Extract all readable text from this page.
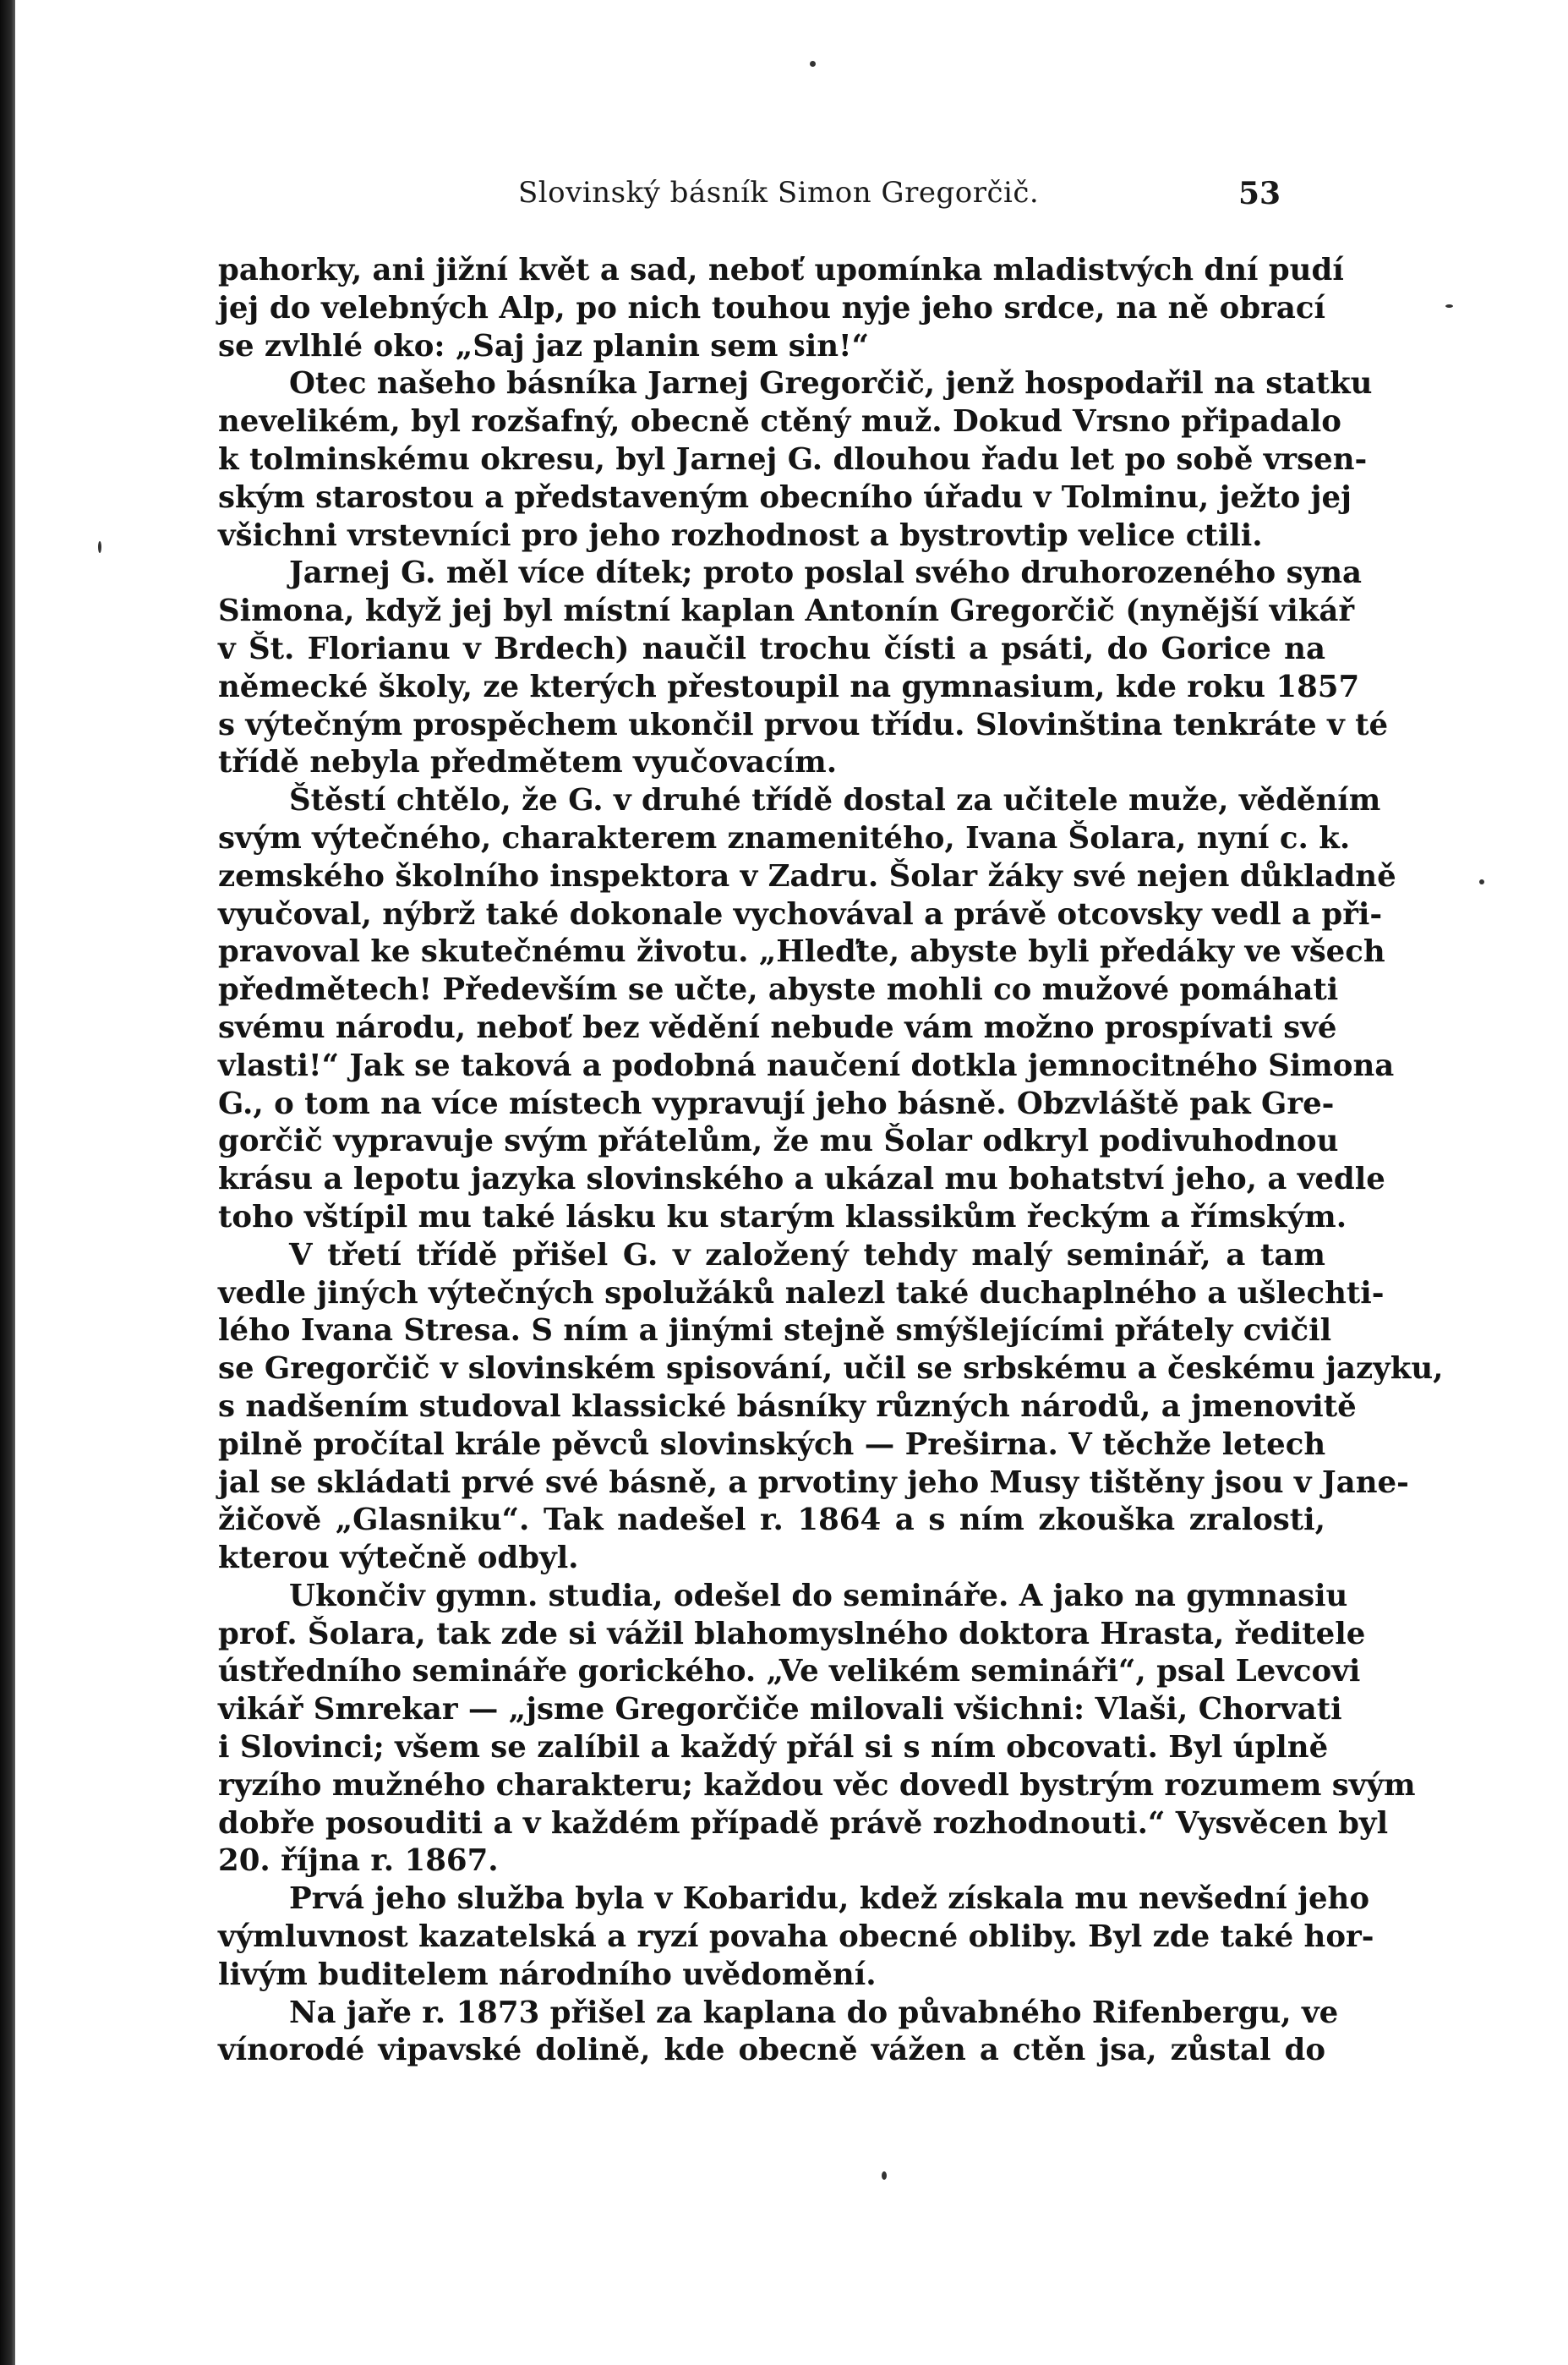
Slovinský básník Simon Gregorčič.	53
pahorky, ani jižní květ a sad, neboť upomínka mladistvých dní pudí
jej do velebných Alp, po nich touhou nyje jeho srdce, na ně obrací
se zvlhlé oko: „Saj jaz planin sem sin!“
Otec našeho básníka Jarnej Gregorčič, jenž hospodařil na statku
nevelikém, byl rozšafný, obecně ctěný muž. Dokud Vrsno připadalo
k tolminskému okresu, byl Jarnej G. dlouhou řadu let po sobě vrsen-
ským starostou a představeným obecního úřadu v Tolminu, ježto jej
všichni vrstevníci pro jeho rozhodnost a bystrovtip velice ctili.
Jarnej G. měl více dítek; proto poslal svého druhorozeného syna
Simona, když jej byl místní kaplan Antonín Gregorčič (nynější vikář
v Št. Florianu v Brdech) naučil trochu čísti a psáti, do Gorice na
německé školy, ze kterých přestoupil na gymnasium, kde roku 1857
s výtečným prospěchem ukončil prvou třídu. Slovinština tenkráte v té
třídě nebyla předmětem vyučovacím.
Štěstí chtělo, že G. v druhé třídě dostal za učitele muže, věděním
svým výtečného, charakterem znamenitého, Ivana Šolara, nyní c. k.
zemského školního inspektora v Zadru. Šolar žáky své nejen důkladně
vyučoval, nýbrž také dokonale vychovával a právě otcovsky vedl a při-
pravoval ke skutečnému životu. „Hleďte, abyste byli předáky ve všech
předmětech! Především se učte, abyste mohli co mužové pomáhati
svému národu, neboť bez vědění nebude vám možno prospívati své
vlasti!“ Jak se taková a podobná naučení dotkla jemnocitného Simona
G., o tom na více místech vypravují jeho básně. Obzvláště pak Gre-
gorčič vypravuje svým přátelům, že mu Šolar odkryl podivuhodnou
krásu a lepotu jazyka slovinského a ukázal mu bohatství jeho, a vedle
toho vštípil mu také lásku ku starým klassikům řeckým a římským.
V třetí třídě přišel G. v založený tehdy malý seminář, a tam
vedle jiných výtečných spolužáků nalezl také duchaplného a ušlechti-
lého Ivana Stresa. S ním a jinými stejně smýšlejícími přátely cvičil
se Gregorčič v slovinském spisování, učil se srbskému a českému jazyku,
s nadšením studoval klassické básníky různých národů, a jmenovitě
pilně pročítal krále pěvců slovinských — Preširna. V těchže letech
jal se skládati prvé své básně, a prvotiny jeho Musy tištěny jsou v Jane-
žičově „Glasniku“. Tak nadešel r. 1864 a s ním zkouška zralosti,
kterou výtečně odbyl.
Ukončiv gymn. studia, odešel do semináře. A jako na gymnasiu
prof. Šolara, tak zde si vážil blahomyslného doktora Hrasta, ředitele
ústředního semináře gorického. „Ve velikém semináři“, psal Levcovi
vikář Smrekar — „jsme Gregorčiče milovali všichni: Vlaši, Chorvati
i Slovinci; všem se zalíbil a každý přál si s ním obcovati. Byl úplně
ryzího mužného charakteru; každou věc dovedl bystrým rozumem svým
dobře posouditi a v každém případě právě rozhodnouti.“ Vysvěcen byl
20. října r. 1867.
Prvá jeho služba byla v Kobaridu, kdež získala mu nevšední jeho
výmluvnost kazatelská a ryzí povaha obecné obliby. Byl zde také hor-
livým buditelem národního uvědomění.
Na jaře r. 1873 přišel za kaplana do půvabného Rifenbergu, ve
vínorodé vipavské dolině, kde obecně vážen a ctěn jsa, zůstal do
